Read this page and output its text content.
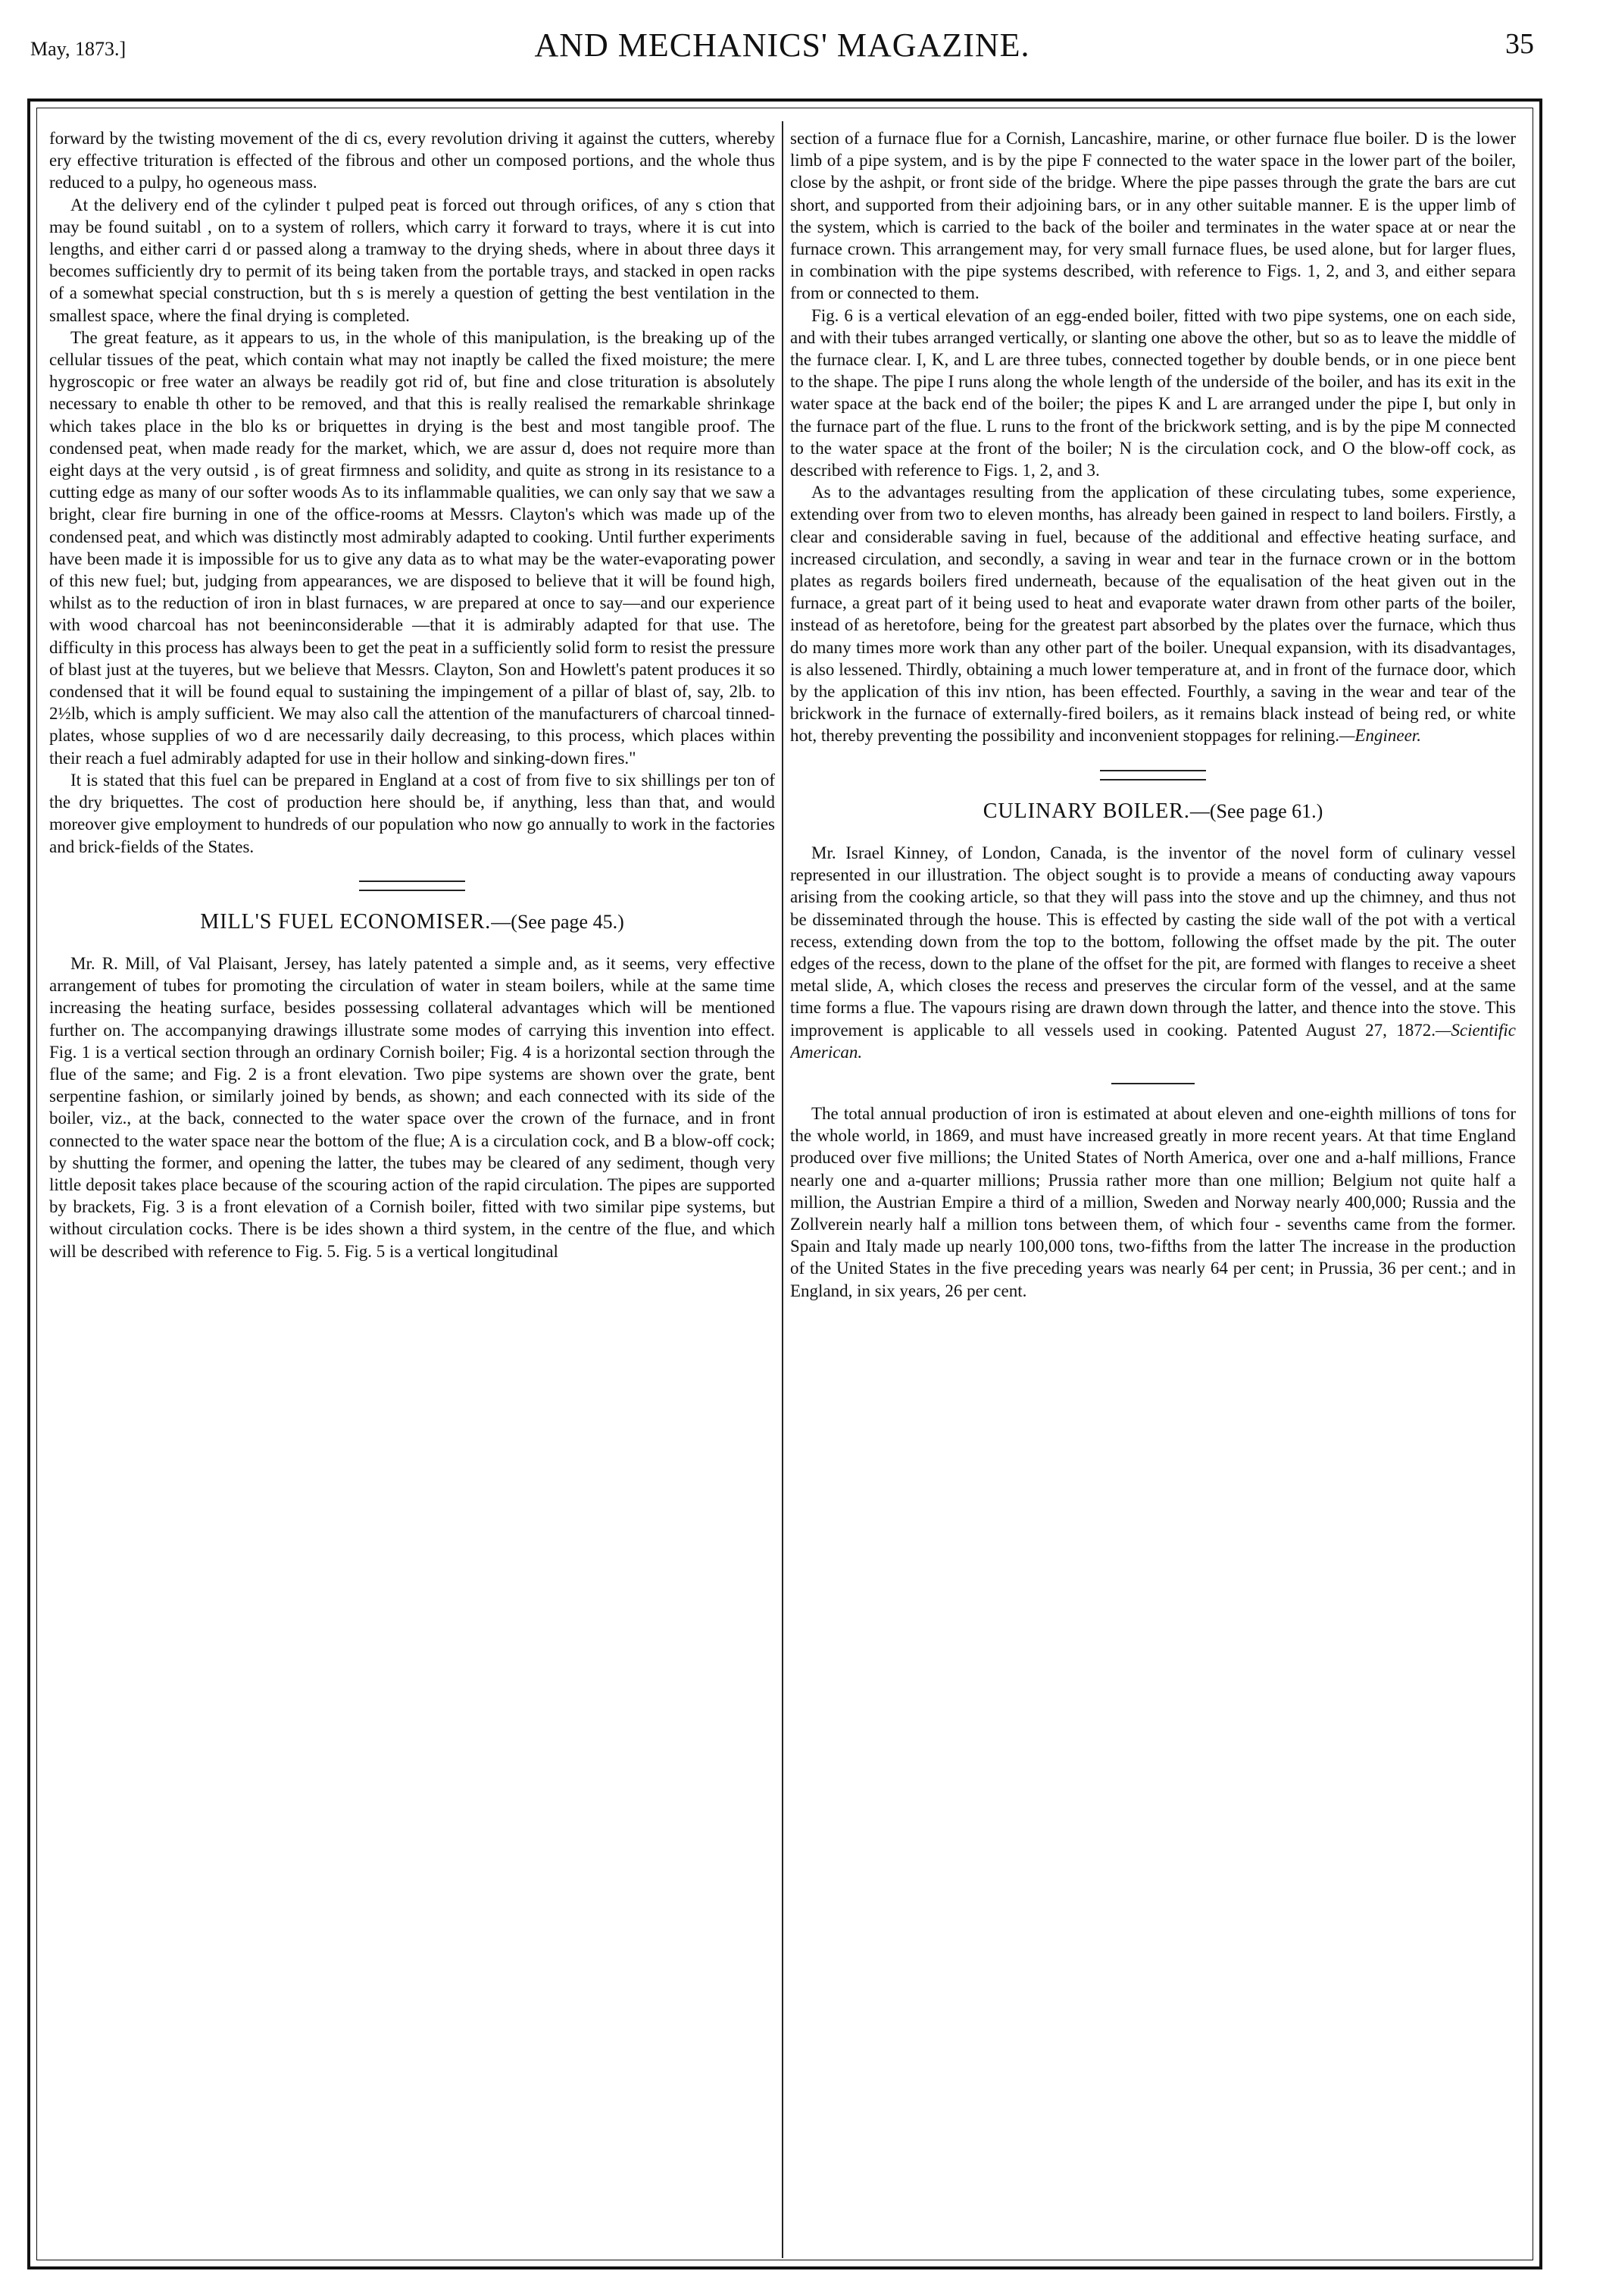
May, 1873.]	AND MECHANICS' MAGAZINE.	35

forward by the twisting movement of the di cs, every revolution driving it against the cutters, whereby ery effective trituration is effected of the fibrous and other un composed portions, and the whole thus reduced to a pulpy, ho ogeneous mass.

At the delivery end of the cylinder t pulped peat is forced out through orifices, of any s ction that may be found suitabl , on to a system of rollers, which carry it forward to trays, where it is cut into lengths, and either carri d or passed along a tramway to the drying sheds, where in about three days it becomes sufficiently dry to permit of its being taken from the portable trays, and stacked in open racks of a somewhat special construction, but th s is merely a question of getting the best ventilation in the smallest space, where the final drying is completed.

The great feature, as it appears to us, in the whole of this manipulation, is the breaking up of the cellular tissues of the peat, which contain what may not inaptly be called the fixed moisture; the mere hygroscopic or free water an always be readily got rid of, but fine and close trituration is absolutely necessary to enable th other to be removed, and that this is really realised the remarkable shrinkage which takes place in the blo ks or briquettes in drying is the best and most tangible proof. The condensed peat, when made ready for the market, which, we are assur d, does not require more than eight days at the very outsid , is of great firmness and solidity, and quite as strong in its resistance to a cutting edge as many of our softer woods As to its inflammable qualities, we can only say that we saw a bright, clear fire burning in one of the office-rooms at Messrs. Clayton's which was made up of the condensed peat, and which was distinctly most admirably adapted to cooking. Until further experiments have been made it is impossible for us to give any data as to what may be the water-evaporating power of this new fuel; but, judging from appearances, we are disposed to believe that it will be found high, whilst as to the reduction of iron in blast furnaces, w are prepared at once to say—and our experience with wood charcoal has not beeninconsiderable —that it is admirably adapted for that use. The difficulty in this process has always been to get the peat in a sufficiently solid form to resist the pressure of blast just at the tuyeres, but we believe that Messrs. Clayton, Son and Howlett's patent produces it so condensed that it will be found equal to sustaining the impingement of a pillar of blast of, say, 2lb. to 2½lb, which is amply sufficient. We may also call the attention of the manufacturers of charcoal tinned-plates, whose supplies of wo d are necessarily daily decreasing, to this process, which places within their reach a fuel admirably adapted for use in their hollow and sinking-down fires."

It is stated that this fuel can be prepared in England at a cost of from five to six shillings per ton of the dry briquettes. The cost of production here should be, if anything, less than that, and would moreover give employment to hundreds of our population who now go annually to work in the factories and brick-fields of the States.

MILL'S FUEL ECONOMISER.—(See page 45.)

Mr. R. Mill, of Val Plaisant, Jersey, has lately patented a simple and, as it seems, very effective arrangement of tubes for promoting the circulation of water in steam boilers, while at the same time increasing the heating surface, besides possessing collateral advantages which will be mentioned further on. The accompanying drawings illustrate some modes of carrying this invention into effect. Fig. 1 is a vertical section through an ordinary Cornish boiler; Fig. 4 is a horizontal section through the flue of the same; and Fig. 2 is a front elevation. Two pipe systems are shown over the grate, bent serpentine fashion, or similarly joined by bends, as shown; and each connected with its side of the boiler, viz., at the back, connected to the water space over the crown of the furnace, and in front connected to the water space near the bottom of the flue; A is a circulation cock, and B a blow-off cock; by shutting the former, and opening the latter, the tubes may be cleared of any sediment, though very little deposit takes place because of the scouring action of the rapid circulation. The pipes are supported by brackets, Fig. 3 is a front elevation of a Cornish boiler, fitted with two similar pipe systems, but without circulation cocks. There is be ides shown a third system, in the centre of the flue, and which will be described with reference to Fig. 5. Fig. 5 is a vertical longitudinal

section of a furnace flue for a Cornish, Lancashire, marine, or other furnace flue boiler. D is the lower limb of a pipe system, and is by the pipe F connected to the water space in the lower part of the boiler, close by the ashpit, or front side of the bridge. Where the pipe passes through the grate the bars are cut short, and supported from their adjoining bars, or in any other suitable manner. E is the upper limb of the system, which is carried to the back of the boiler and terminates in the water space at or near the furnace crown. This arrangement may, for very small furnace flues, be used alone, but for larger flues, in combination with the pipe systems described, with reference to Figs. 1, 2, and 3, and either separa from or connected to them.

Fig. 6 is a vertical elevation of an egg-ended boiler, fitted with two pipe systems, one on each side, and with their tubes arranged vertically, or slanting one above the other, but so as to leave the middle of the furnace clear. I, K, and L are three tubes, connected together by double bends, or in one piece bent to the shape. The pipe I runs along the whole length of the underside of the boiler, and has its exit in the water space at the back end of the boiler; the pipes K and L are arranged under the pipe I, but only in the furnace part of the flue. L runs to the front of the brickwork setting, and is by the pipe M connected to the water space at the front of the boiler; N is the circulation cock, and O the blow-off cock, as described with reference to Figs. 1, 2, and 3.

As to the advantages resulting from the application of these circulating tubes, some experience, extending over from two to eleven months, has already been gained in respect to land boilers. Firstly, a clear and considerable saving in fuel, because of the additional and effective heating surface, and increased circulation, and secondly, a saving in wear and tear in the furnace crown or in the bottom plates as regards boilers fired underneath, because of the equalisation of the heat given out in the furnace, a great part of it being used to heat and evaporate water drawn from other parts of the boiler, instead of as heretofore, being for the greatest part absorbed by the plates over the furnace, which thus do many times more work than any other part of the boiler. Unequal expansion, with its disadvantages, is also lessened. Thirdly, obtaining a much lower temperature at, and in front of the furnace door, which by the application of this inv ntion, has been effected. Fourthly, a saving in the wear and tear of the brickwork in the furnace of externally-fired boilers, as it remains black instead of being red, or white hot, thereby preventing the possibility and inconvenient stoppages for relining.—Engineer.

CULINARY BOILER.—(See page 61.)

Mr. Israel Kinney, of London, Canada, is the inventor of the novel form of culinary vessel represented in our illustration. The object sought is to provide a means of conducting away vapours arising from the cooking article, so that they will pass into the stove and up the chimney, and thus not be disseminated through the house. This is effected by casting the side wall of the pot with a vertical recess, extending down from the top to the bottom, following the offset made by the pit. The outer edges of the recess, down to the plane of the offset for the pit, are formed with flanges to receive a sheet metal slide, A, which closes the recess and preserves the circular form of the vessel, and at the same time forms a flue. The vapours rising are drawn down through the latter, and thence into the stove. This improvement is applicable to all vessels used in cooking. Patented August 27, 1872.—Scientific American.

The total annual production of iron is estimated at about eleven and one-eighth millions of tons for the whole world, in 1869, and must have increased greatly in more recent years. At that time England produced over five millions; the United States of North America, over one and a-half millions, France nearly one and a-quarter millions; Prussia rather more than one million; Belgium not quite half a million, the Austrian Empire a third of a million, Sweden and Norway nearly 400,000; Russia and the Zollverein nearly half a million tons between them, of which four - sevenths came from the former. Spain and Italy made up nearly 100,000 tons, two-fifths from the latter The increase in the production of the United States in the five preceding years was nearly 64 per cent; in Prussia, 36 per cent.; and in England, in six years, 26 per cent.
